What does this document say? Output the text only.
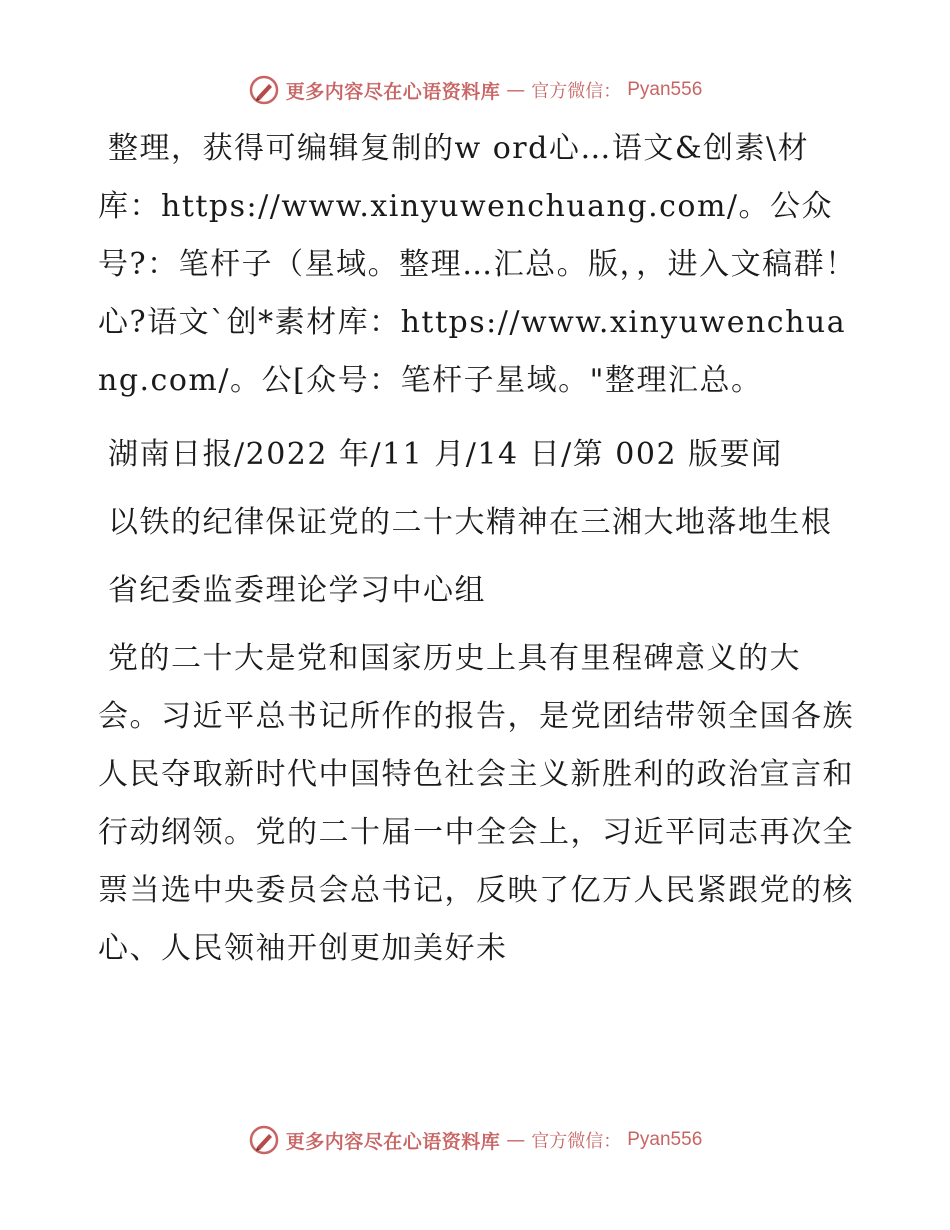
更多内容尽在心语资料库 — 官方微信： Pyan556

整理，获得可编辑复制的w ord心…语文&创素\材库：https://www.xinyuwenchuang.com/。公众号?：笔杆子（星域。整理…汇总。版，，进入文稿群！心?语文`创*素材库：https://www.xinyuwenchuang.com/。公[众号：笔杆子星域。"整理汇总。

湖南日报/2022 年/11 月/14 日/第 002 版要闻

以铁的纪律保证党的二十大精神在三湘大地落地生根

省纪委监委理论学习中心组

党的二十大是党和国家历史上具有里程碑意义的大会。习近平总书记所作的报告，是党团结带领全国各族人民夺取新时代中国特色社会主义新胜利的政治宣言和行动纲领。党的二十届一中全会上，习近平同志再次全票当选中央委员会总书记，反映了亿万人民紧跟党的核心、人民领袖开创更加美好未

更多内容尽在心语资料库 — 官方微信： Pyan556
